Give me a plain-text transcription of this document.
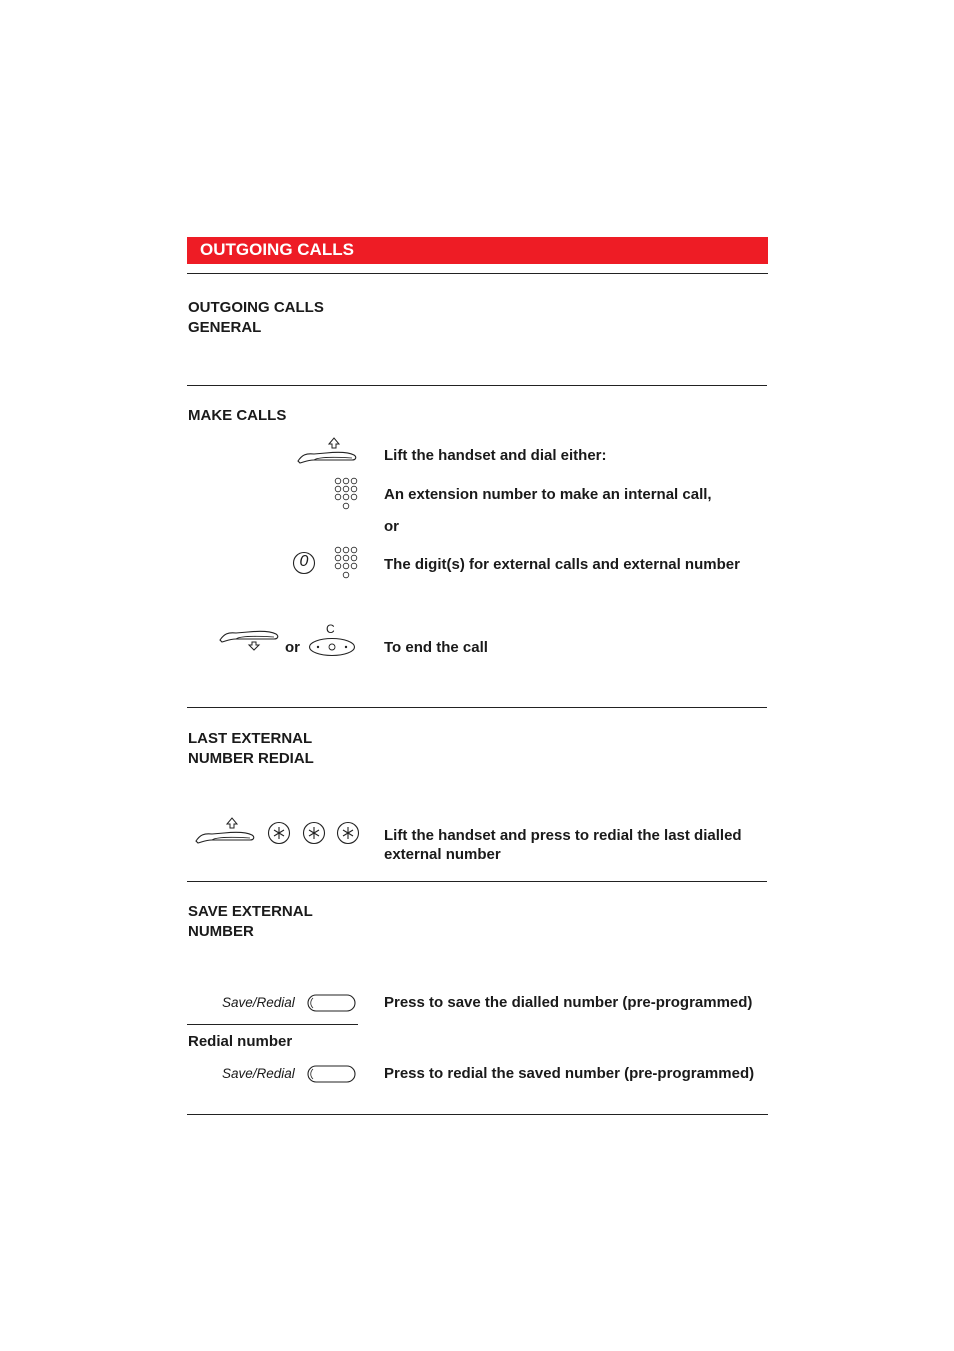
OUTGOING CALLS
OUTGOING CALLS
GENERAL
MAKE CALLS
Lift the handset and dial either:
An extension number to make an internal call,
or
0	The digit(s) for external calls and external number
or
C
To end the call
LAST EXTERNAL
NUMBER REDIAL
Lift the handset and press to redial the last dialled
external number
SAVE EXTERNAL
NUMBER
Save/Redial	Press to save the dialled number (pre-programmed)
Redial number
Save/Redial	Press to redial the saved number (pre-programmed)
